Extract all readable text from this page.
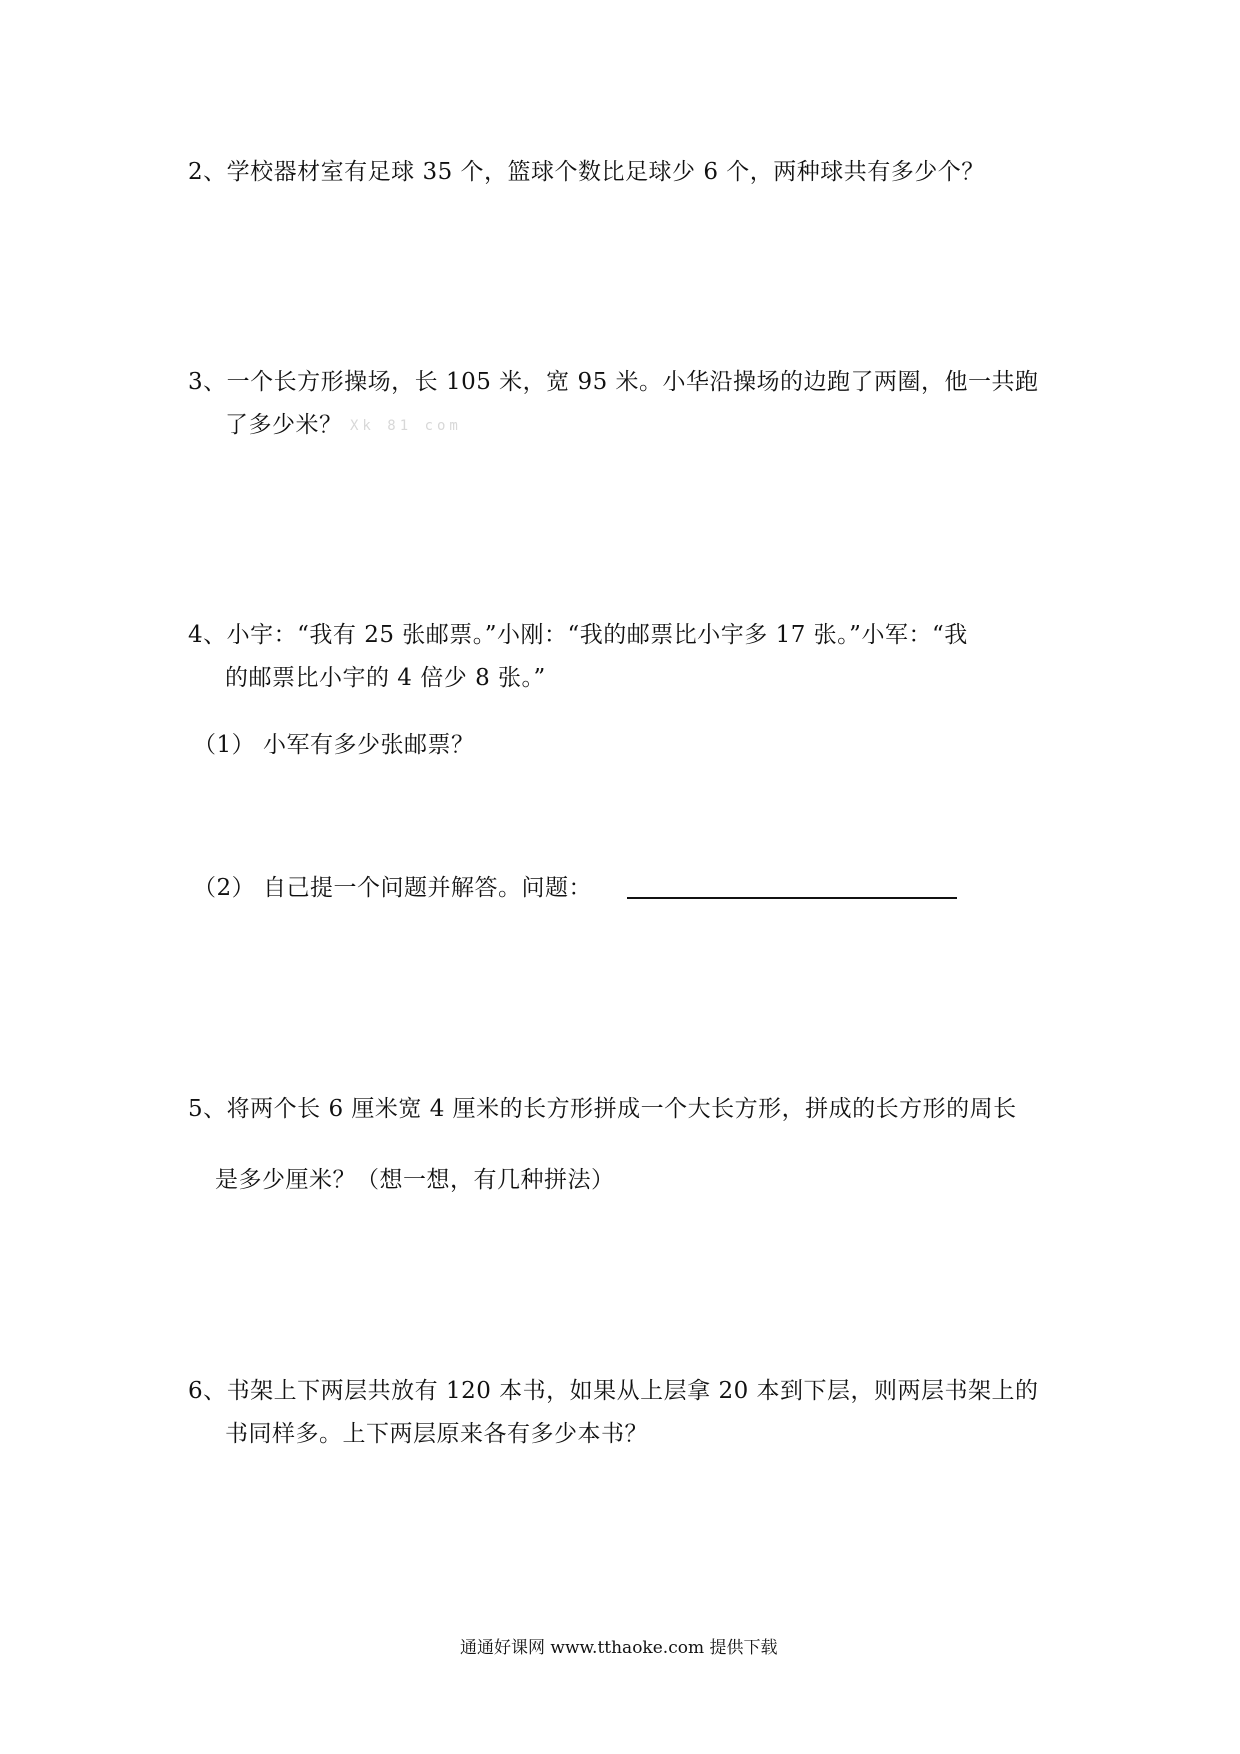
2、学校器材室有足球 35 个，篮球个数比足球少 6 个，两种球共有多少个？
3、一个长方形操场，长 105 米，宽 95 米。小华沿操场的边跑了两圈，他一共跑
了多少米？ Xk 81 com
4、小宇：“我有 25 张邮票。”小刚：“我的邮票比小宇多 17 张。”小军：“我
的邮票比小宇的 4 倍少 8 张。”
（1） 小军有多少张邮票？
（2） 自己提一个问题并解答。问题：
5、将两个长 6 厘米宽 4 厘米的长方形拼成一个大长方形，拼成的长方形的周长
是多少厘米？（想一想，有几种拼法）
6、书架上下两层共放有 120 本书，如果从上层拿 20 本到下层，则两层书架上的
书同样多。上下两层原来各有多少本书？
通通好课网 www.tthaoke.com 提供下载
